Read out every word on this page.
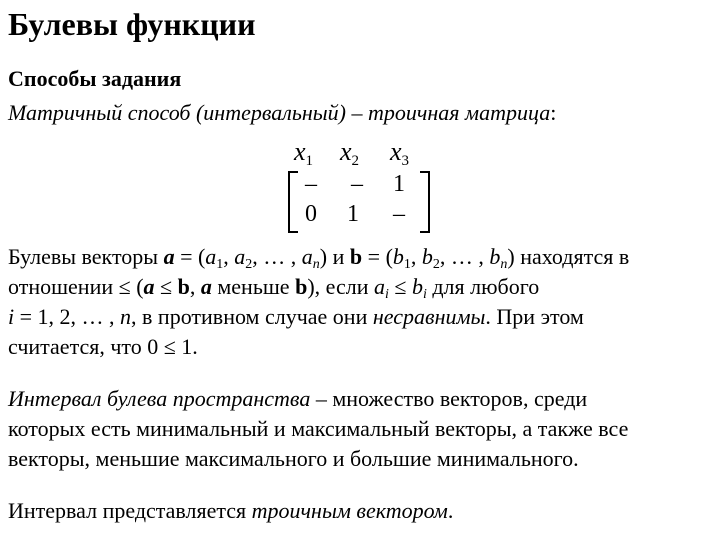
Булевы функции
Способы задания
Матричный способ (интервальный) – троичная матрица:
$x_1$ $x_2$ $x_3$
–	–	1
0	1	–

Булевы векторы $a = (a_1$, $a_2$, … , $a_n$) и $b = (b_1$, $b_2$, … , $b_n$) находятся в

отношении ≤ (a ≤ b, a меньше b), если $a_i \le b_i$ для любого

i = 1, 2, … , n, в противном случае они несравнимы. При этом

считается, что 0 ≤ 1.

Интервал булева пространства – множество векторов, среди

которых есть минимальный и максимальный векторы, а также все

векторы, меньшие максимального и большие минимального.

Интервал представляется троичным вектором.
